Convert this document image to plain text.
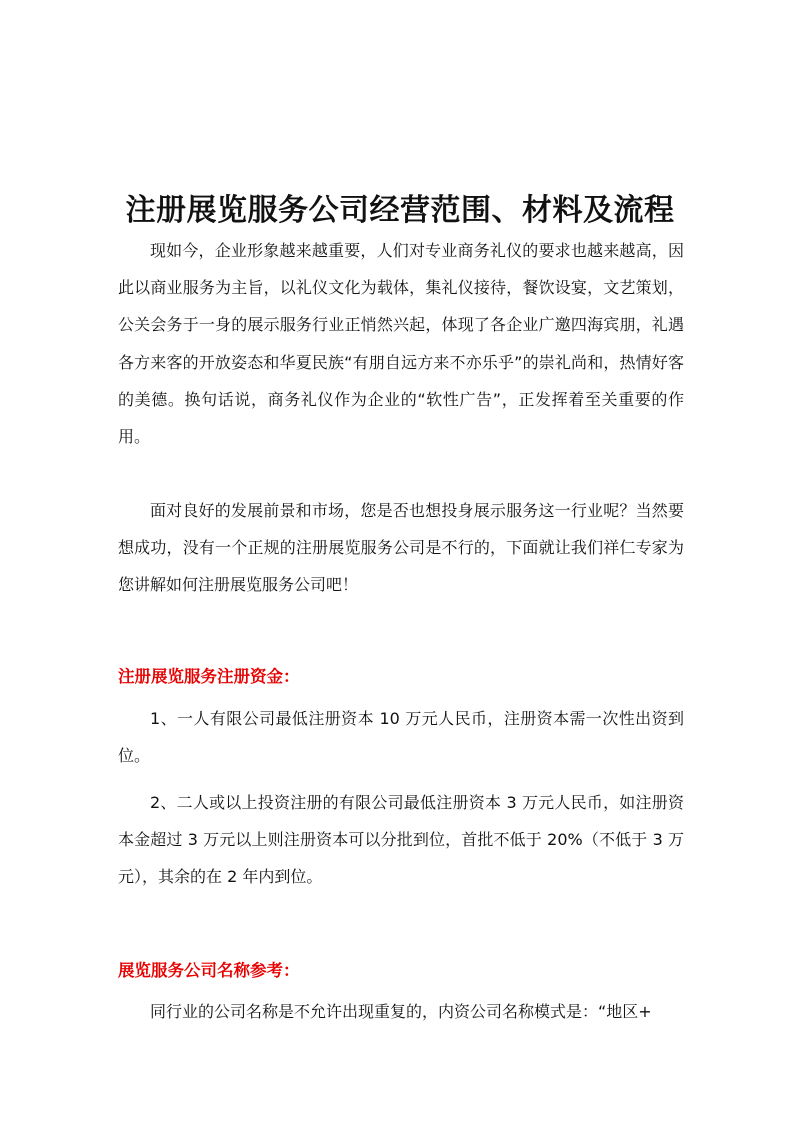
注册展览服务公司经营范围、材料及流程

现如今，企业形象越来越重要，人们对专业商务礼仪的要求也越来越高，因此以商业服务为主旨，以礼仪文化为载体，集礼仪接待，餐饮设宴，文艺策划，公关会务于一身的展示服务行业正悄然兴起，体现了各企业广邀四海宾朋，礼遇各方来客的开放姿态和华夏民族“有朋自远方来不亦乐乎”的崇礼尚和，热情好客的美德。换句话说，商务礼仪作为企业的“软性广告”，正发挥着至关重要的作用。

面对良好的发展前景和市场，您是否也想投身展示服务这一行业呢？当然要想成功，没有一个正规的注册展览服务公司是不行的，下面就让我们祥仁专家为您讲解如何注册展览服务公司吧！

注册展览服务注册资金：

1、一人有限公司最低注册资本 10 万元人民币，注册资本需一次性出资到位。

2、二人或以上投资注册的有限公司最低注册资本 3 万元人民币，如注册资本金超过 3 万元以上则注册资本可以分批到位，首批不低于 20%（不低于 3 万元），其余的在 2 年内到位。

展览服务公司名称参考：

同行业的公司名称是不允许出现重复的，内资公司名称模式是：“地区+
